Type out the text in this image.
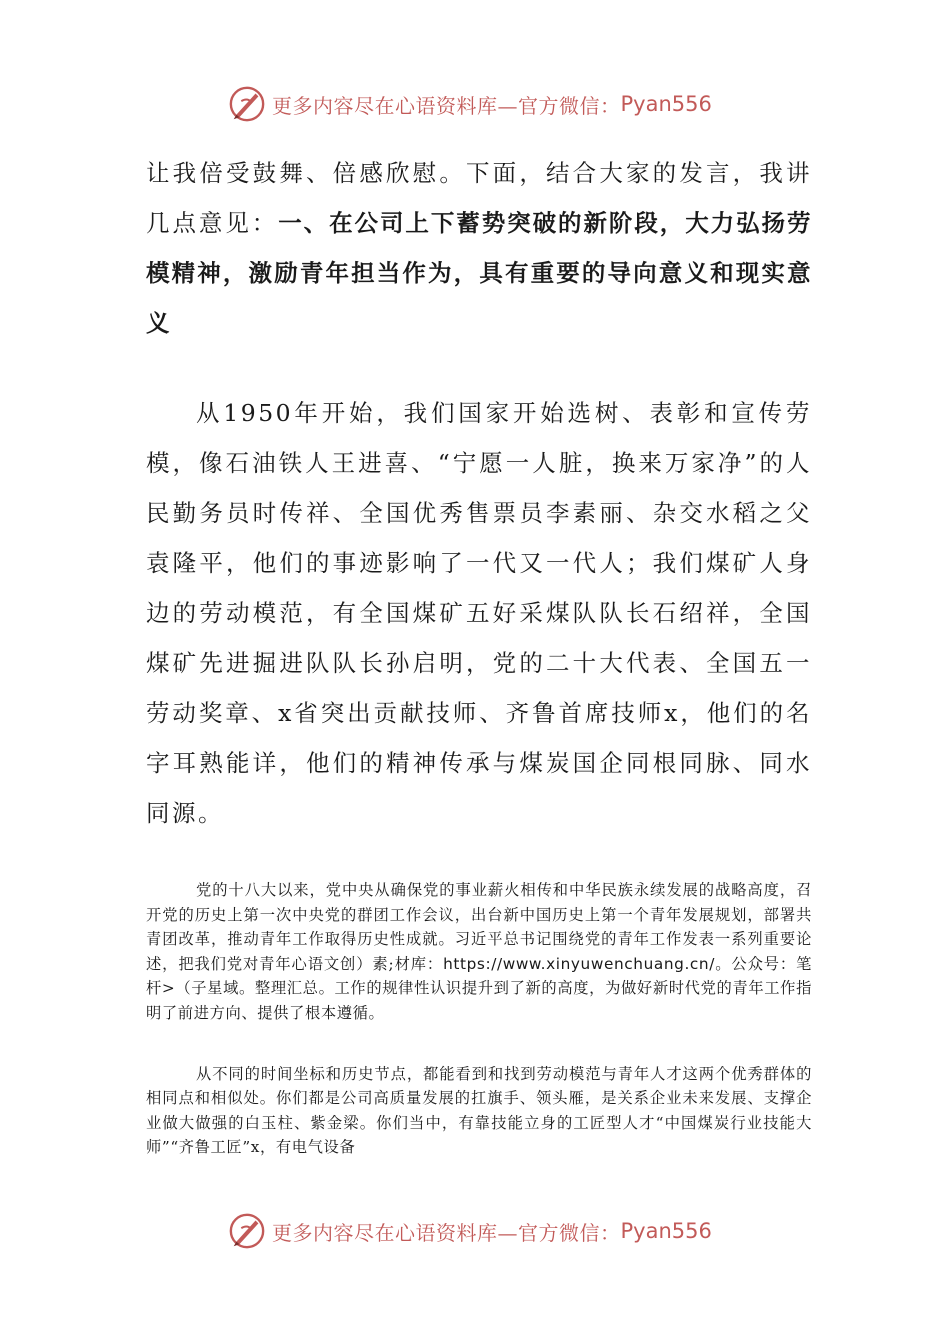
更多内容尽在心语资料库—官方微信： Pyan556

让我倍受鼓舞、倍感欣慰。下面，结合大家的发言，我讲几点意见：一、在公司上下蓄势突破的新阶段，大力弘扬劳模精神，激励青年担当作为，具有重要的导向意义和现实意义

从1950年开始，我们国家开始选树、表彰和宣传劳模，像石油铁人王进喜、“宁愿一人脏，换来万家净”的人民勤务员时传祥、全国优秀售票员李素丽、杂交水稻之父袁隆平，他们的事迹影响了一代又一代人；我们煤矿人身边的劳动模范，有全国煤矿五好采煤队队长石绍祥，全国煤矿先进掘进队队长孙启明，党的二十大代表、全国五一劳动奖章、x省突出贡献技师、齐鲁首席技师x，他们的名字耳熟能详，他们的精神传承与煤炭国企同根同脉、同水同源。

党的十八大以来，党中央从确保党的事业薪火相传和中华民族永续发展的战略高度，召开党的历史上第一次中央党的群团工作会议，出台新中国历史上第一个青年发展规划，部署共青团改革，推动青年工作取得历史性成就。习近平总书记围绕党的青年工作发表一系列重要论述，把我们党对青年心语文创）素;材库：https://www.xinyuwenchuang.cn/。公众号：笔杆>（子星域。整理汇总。工作的规律性认识提升到了新的高度，为做好新时代党的青年工作指明了前进方向、提供了根本遵循。

从不同的时间坐标和历史节点，都能看到和找到劳动模范与青年人才这两个优秀群体的相同点和相似处。你们都是公司高质量发展的扛旗手、领头雁，是关系企业未来发展、支撑企业做大做强的白玉柱、紫金梁。你们当中，有靠技能立身的工匠型人才“中国煤炭行业技能大师”“齐鲁工匠”x，有电气设备

更多内容尽在心语资料库—官方微信： Pyan556
